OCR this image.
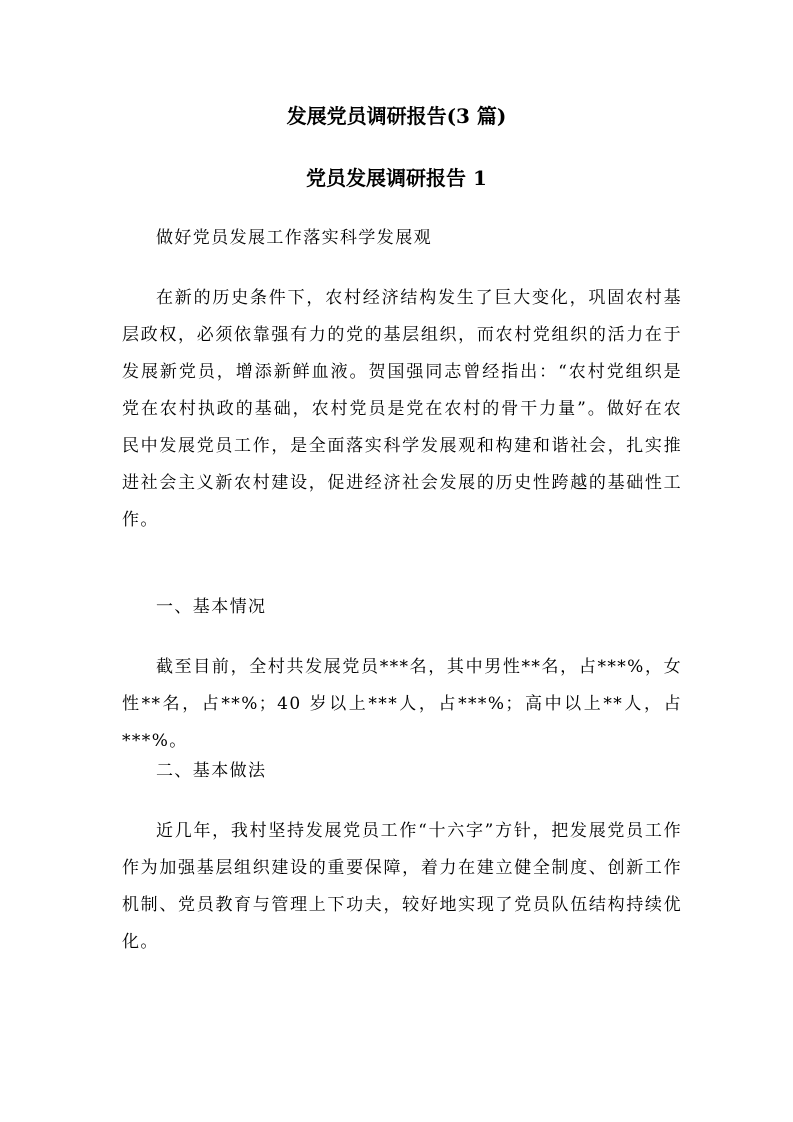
发展党员调研报告(3 篇)
党员发展调研报告 1

做好党员发展工作落实科学发展观

在新的历史条件下，农村经济结构发生了巨大变化，巩固农村基层政权，必须依靠强有力的党的基层组织，而农村党组织的活力在于发展新党员，增添新鲜血液。贺国强同志曾经指出：“农村党组织是党在农村执政的基础，农村党员是党在农村的骨干力量”。做好在农民中发展党员工作，是全面落实科学发展观和构建和谐社会，扎实推进社会主义新农村建设，促进经济社会发展的历史性跨越的基础性工作。

一、基本情况

截至目前，全村共发展党员***名，其中男性**名，占***%，女性**名，占**%；40 岁以上***人，占***%；高中以上**人，占***%。

二、基本做法

近几年，我村坚持发展党员工作“十六字”方针，把发展党员工作作为加强基层组织建设的重要保障，着力在建立健全制度、创新工作机制、党员教育与管理上下功夫，较好地实现了党员队伍结构持续优化。
